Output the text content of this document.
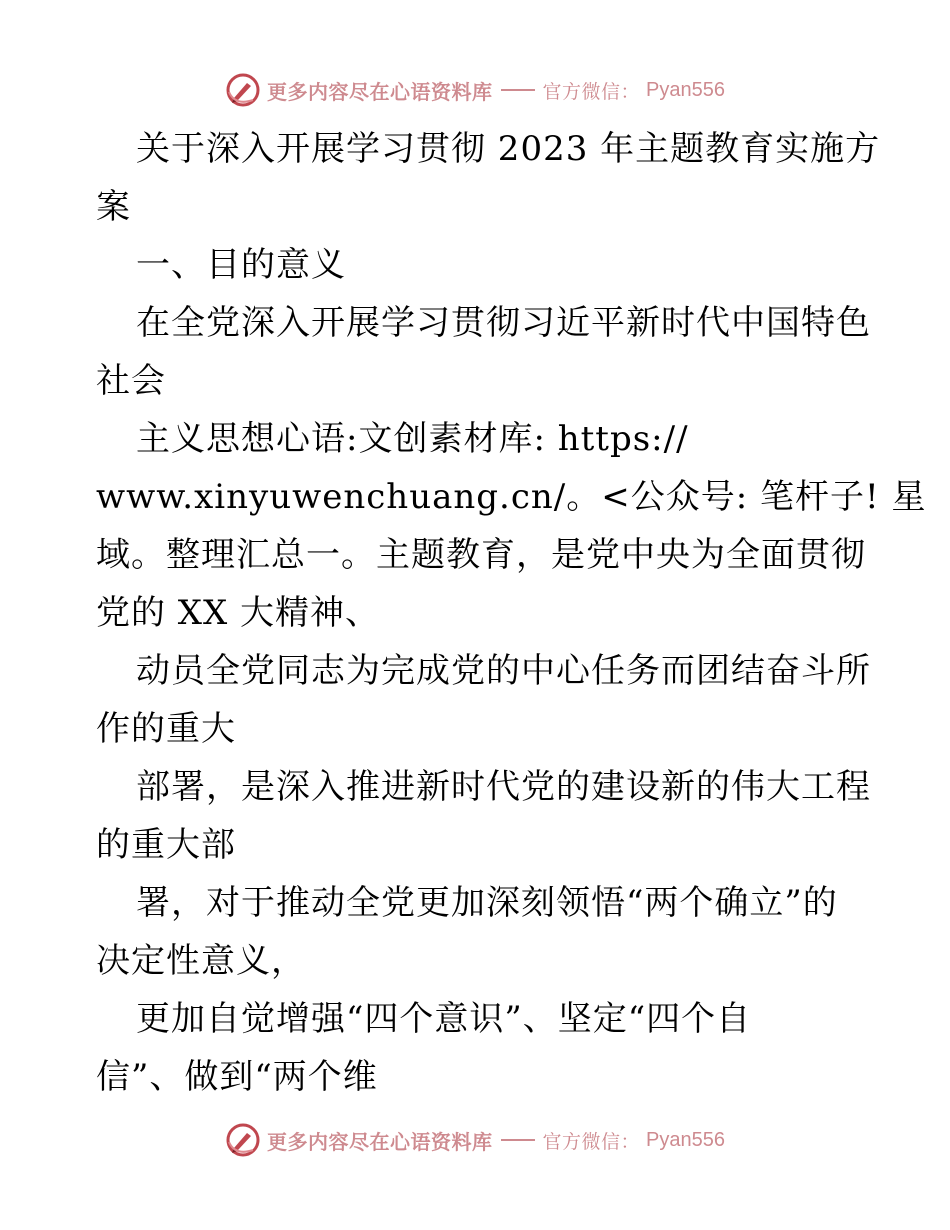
更多内容尽在心语资料库	官方微信： Pyan556
关于深入开展学习贯彻 2023 年主题教育实施方
案
一、目的意义
在全党深入开展学习贯彻习近平新时代中国特色
社会
主义思想心语:文创素材库: https://
www.xinyuwenchuang.cn/。<公众号: 笔杆子! 星
域。整理汇总一。主题教育，是党中央为全面贯彻
党的 XX 大精神、
动员全党同志为完成党的中心任务而团结奋斗所
作的重大
部署，是深入推进新时代党的建设新的伟大工程
的重大部
署，对于推动全党更加深刻领悟“两个确立”的
决定性意义，
更加自觉增强“四个意识”、坚定“四个自
信”、做到“两个维
更多内容尽在心语资料库	官方微信： Pyan556
